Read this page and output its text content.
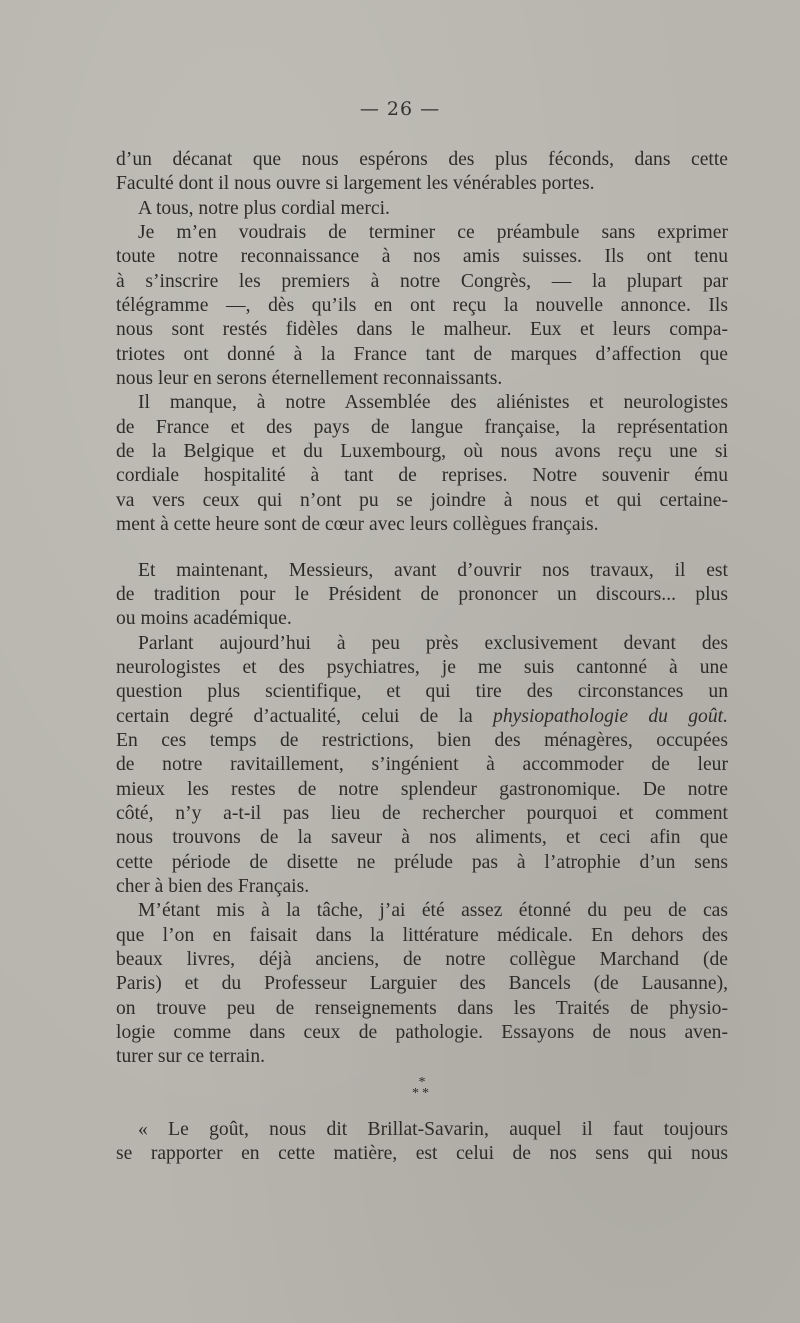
— 26 —
d’un décanat que nous espérons des plus féconds, dans cette
Faculté dont il nous ouvre si largement les vénérables portes.
A tous, notre plus cordial merci.
Je m’en voudrais de terminer ce préambule sans exprimer
toute notre reconnaissance à nos amis suisses. Ils ont tenu
à s’inscrire les premiers à notre Congrès, — la plupart par
télégramme —, dès qu’ils en ont reçu la nouvelle annonce. Ils
nous sont restés fidèles dans le malheur. Eux et leurs compa-
triotes ont donné à la France tant de marques d’affection que
nous leur en serons éternellement reconnaissants.
Il manque, à notre Assemblée des aliénistes et neurologistes
de France et des pays de langue française, la représentation
de la Belgique et du Luxembourg, où nous avons reçu une si
cordiale hospitalité à tant de reprises. Notre souvenir ému
va vers ceux qui n’ont pu se joindre à nous et qui certaine-
ment à cette heure sont de cœur avec leurs collègues français.
Et maintenant, Messieurs, avant d’ouvrir nos travaux, il est
de tradition pour le Président de prononcer un discours... plus
ou moins académique.
Parlant aujourd’hui à peu près exclusivement devant des
neurologistes et des psychiatres, je me suis cantonné à une
question plus scientifique, et qui tire des circonstances un
certain degré d’actualité, celui de la physiopathologie du goût.
En ces temps de restrictions, bien des ménagères, occupées
de notre ravitaillement, s’ingénient à accommoder de leur
mieux les restes de notre splendeur gastronomique. De notre
côté, n’y a-t-il pas lieu de rechercher pourquoi et comment
nous trouvons de la saveur à nos aliments, et ceci afin que
cette période de disette ne prélude pas à l’atrophie d’un sens
cher à bien des Français.
M’étant mis à la tâche, j’ai été assez étonné du peu de cas
que l’on en faisait dans la littérature médicale. En dehors des
beaux livres, déjà anciens, de notre collègue Marchand (de
Paris) et du Professeur Larguier des Bancels (de Lausanne),
on trouve peu de renseignements dans les Traités de physio-
logie comme dans ceux de pathologie. Essayons de nous aven-
turer sur ce terrain.
*
**
« Le goût, nous dit Brillat-Savarin, auquel il faut toujours
se rapporter en cette matière, est celui de nos sens qui nous
